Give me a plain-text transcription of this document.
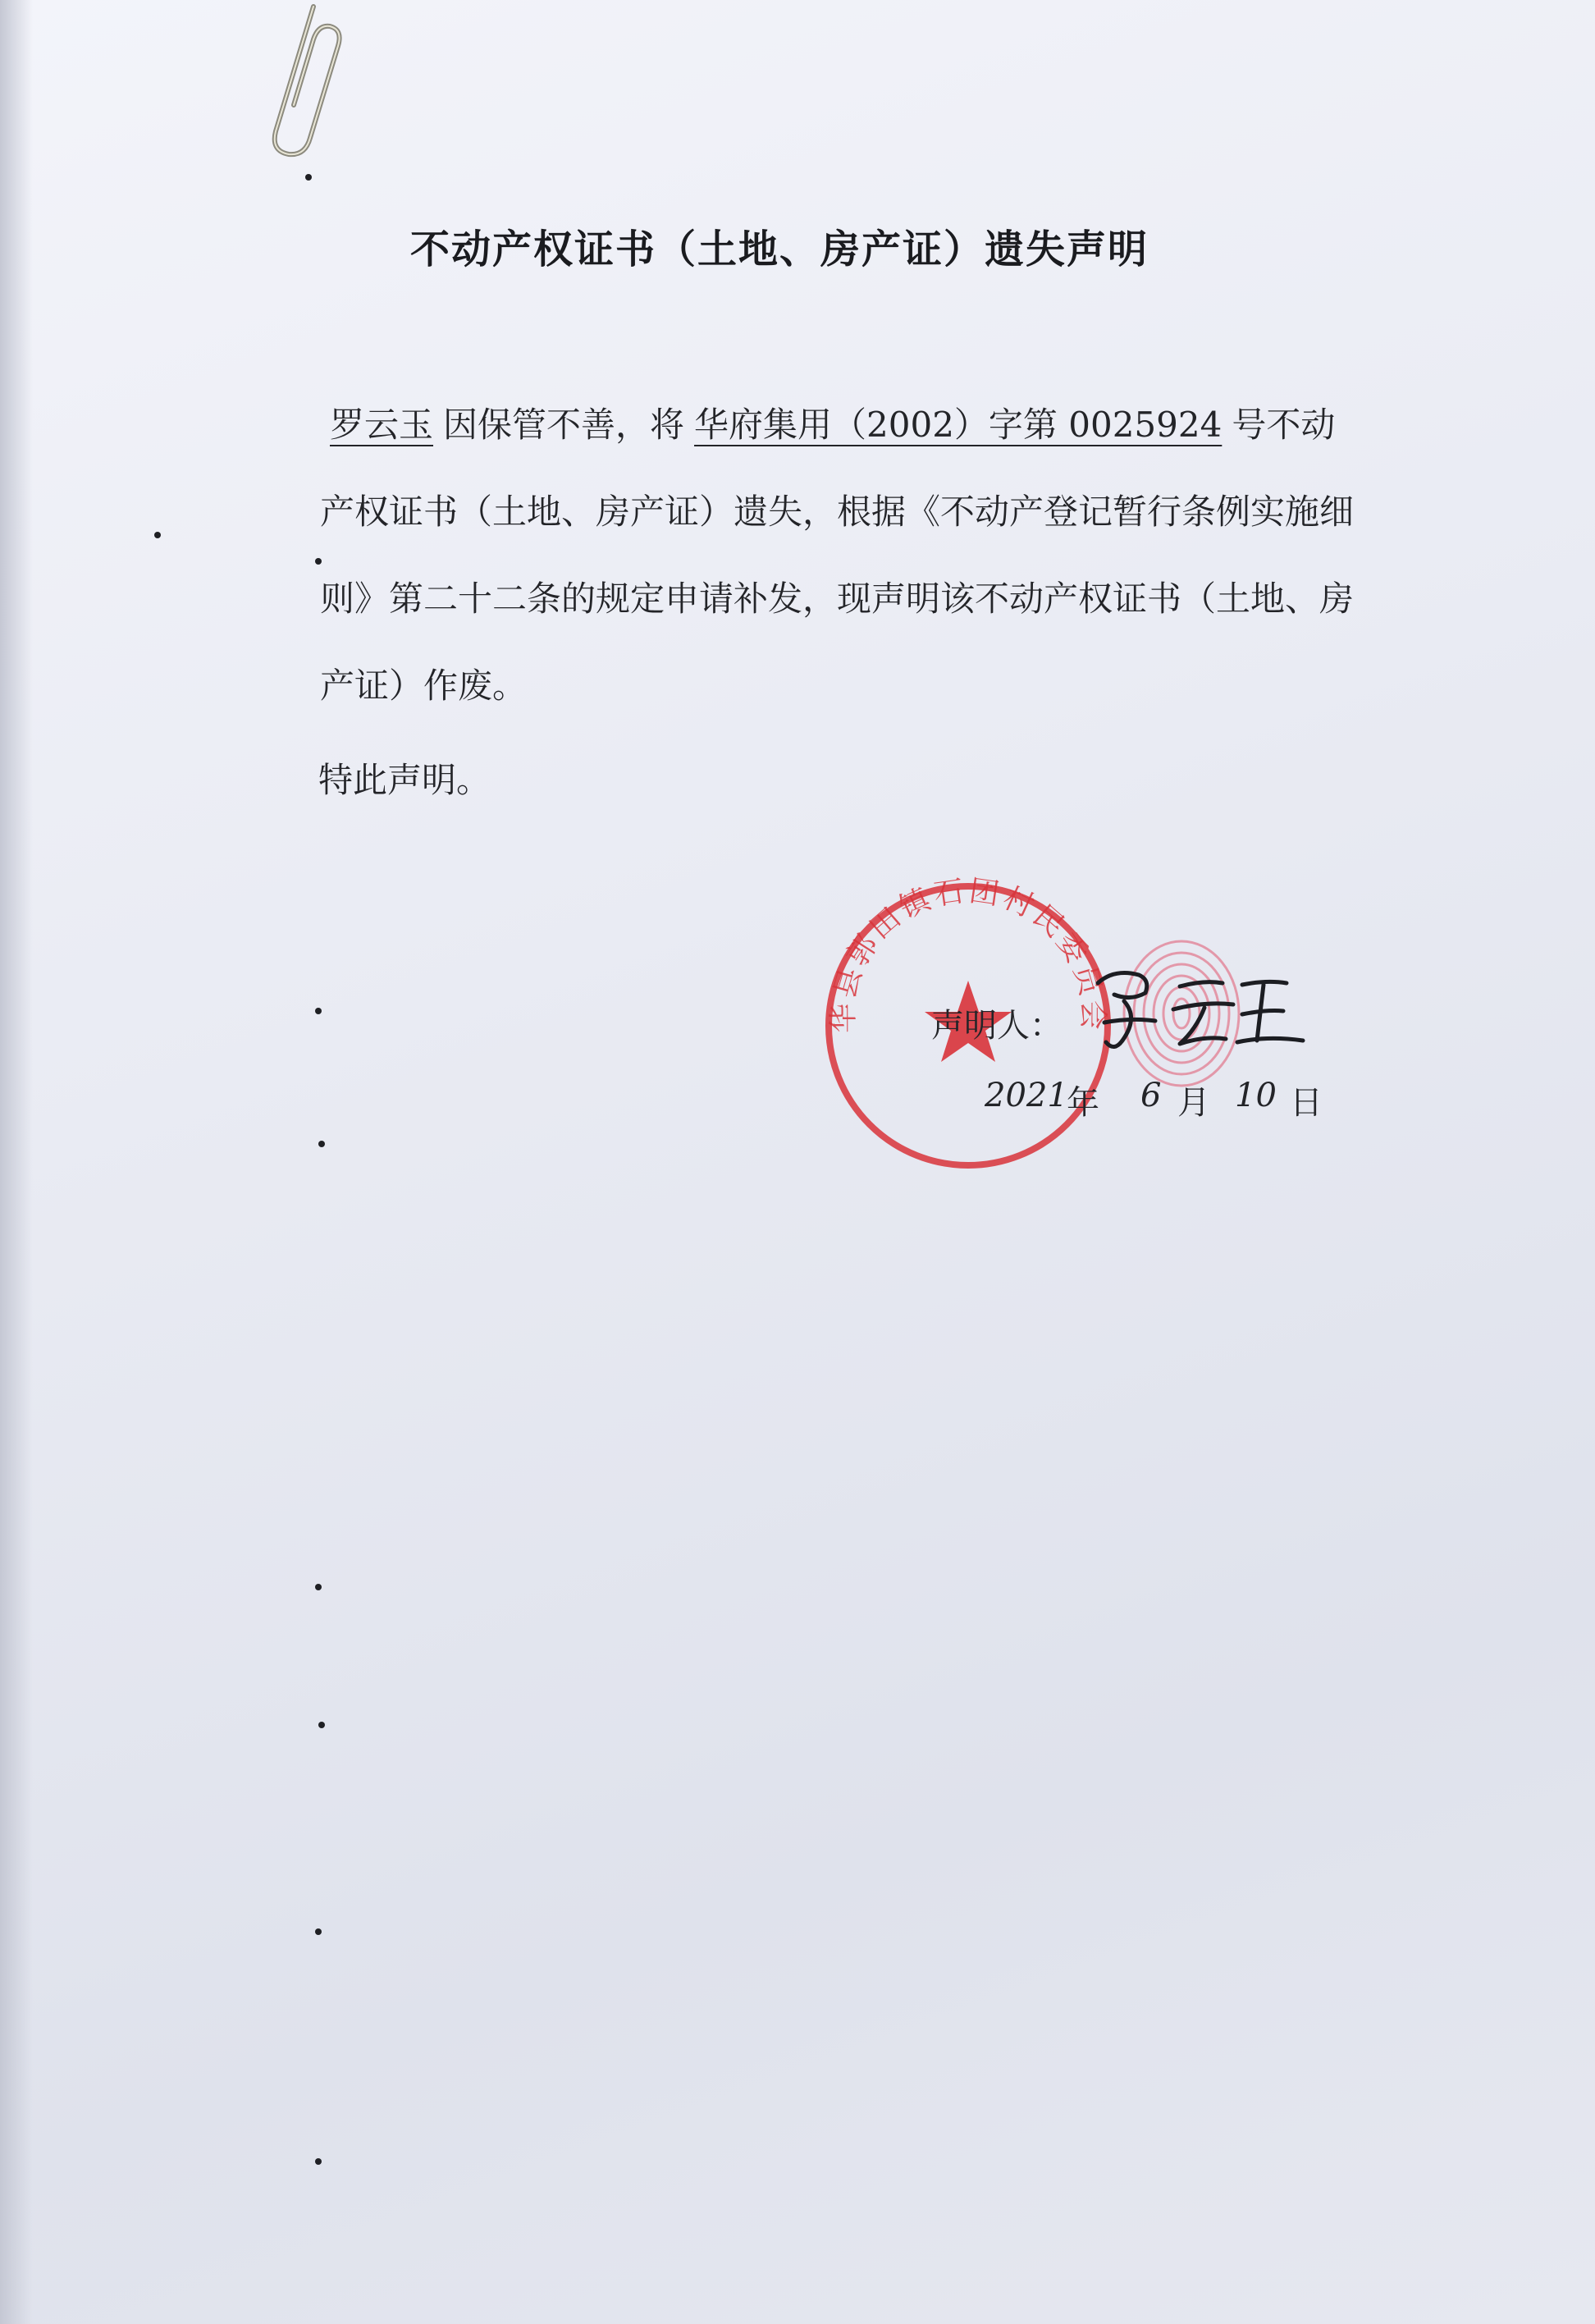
不动产权证书（土地、房产证）遗失声明

罗云玉 因保管不善，将 华府集用（2002）字第 0025924 号不动产权证书（土地、房产证）遗失，根据《不动产登记暂行条例实施细则》第二十二条的规定申请补发，现声明该不动产权证书（土地、房产证）作废。

特此声明。
华县郭田镇石团村民委员会
声明人：
2021
年 6 月 10 日
